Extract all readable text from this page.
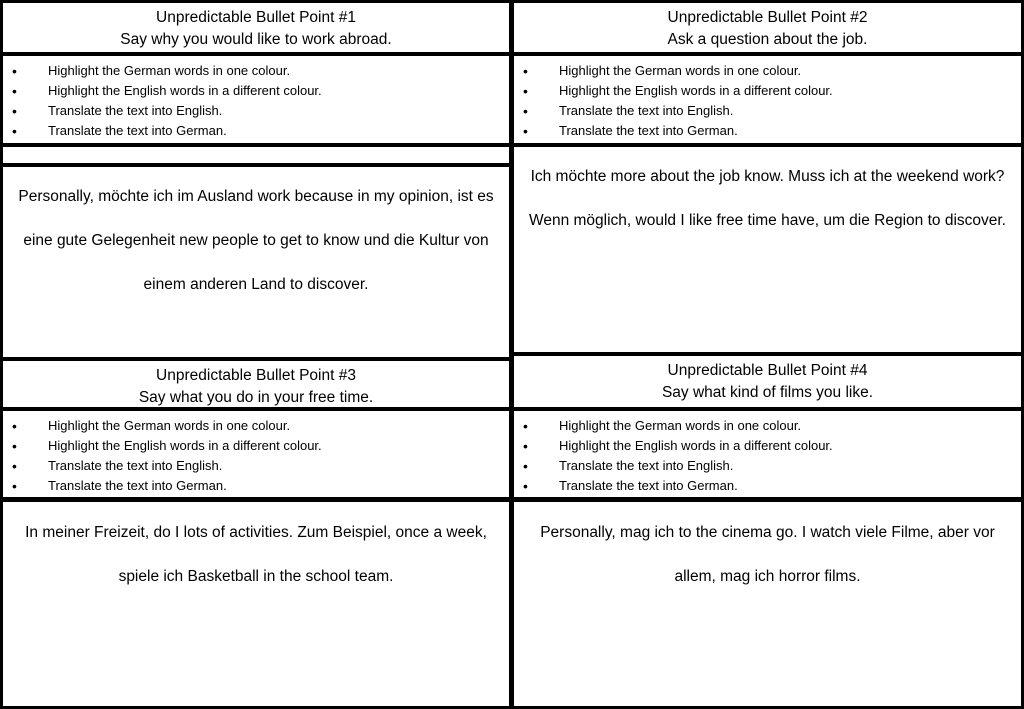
Unpredictable Bullet Point #1
Say why you would like to work abroad.
• Highlight the German words in one colour.
• Highlight the English words in a different colour.
• Translate the text into English.
• Translate the text into German.
Personally, möchte ich im Ausland work because in my opinion, ist es eine gute Gelegenheit new people to get to know und die Kultur von einem anderen Land to discover.
Unpredictable Bullet Point #2
Ask a question about the job.
• Highlight the German words in one colour.
• Highlight the English words in a different colour.
• Translate the text into English.
• Translate the text into German.
Ich möchte more about the job know. Muss ich at the weekend work? Wenn möglich, would I like free time have, um die Region to discover.
Unpredictable Bullet Point #3
Say what you do in your free time.
• Highlight the German words in one colour.
• Highlight the English words in a different colour.
• Translate the text into English.
• Translate the text into German.
In meiner Freizeit, do I lots of activities. Zum Beispiel, once a week, spiele ich Basketball in the school team.
Unpredictable Bullet Point #4
Say what kind of films you like.
• Highlight the German words in one colour.
• Highlight the English words in a different colour.
• Translate the text into English.
• Translate the text into German.
Personally, mag ich to the cinema go. I watch viele Filme, aber vor allem, mag ich horror films.
